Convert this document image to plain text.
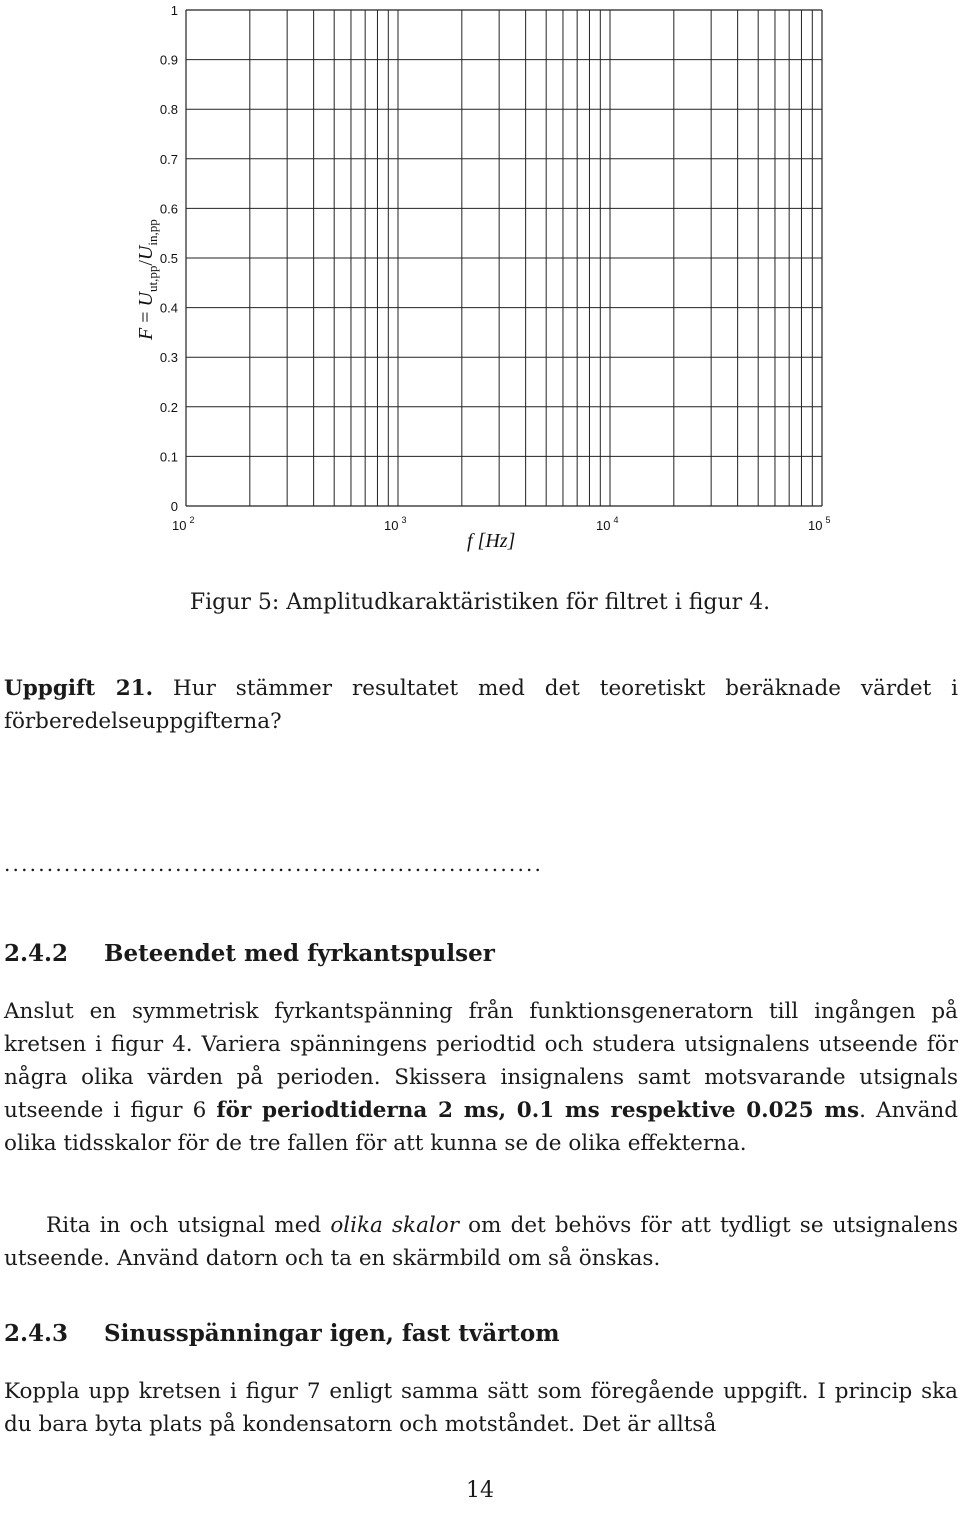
0
0.1
0.2
0.3
0.4
0.5
0.6
0.7
0.8
0.9
1
10 $^2$	10 $^3$	10 $^4$	10 $^5$
f [Hz]
$F = U_{ut,pp}/U_{in,pp}$
Figur 5: Amplitudkaraktäristiken för filtret i figur 4.
Uppgift 21. Hur stämmer resultatet med det teoretiskt beräknade värdet i förberedelseuppgifterna?
...............................................................
2.4.2 Beteendet med fyrkantspulser
Anslut en symmetrisk fyrkantspänning från funktionsgeneratorn till ingången på kretsen i figur 4. Variera spänningens periodtid och studera utsignalens utseende för några olika värden på perioden. Skissera insignalens samt motsvarande utsignals utseende i figur 6 för periodtiderna 2 ms, 0.1 ms respektive 0.025 ms. Använd olika tidsskalor för de tre fallen för att kunna se de olika effekterna.
Rita in och utsignal med olika skalor om det behövs för att tydligt se utsignalens utseende. Använd datorn och ta en skärmbild om så önskas.
2.4.3 Sinusspänningar igen, fast tvärtom
Koppla upp kretsen i figur 7 enligt samma sätt som föregående uppgift. I princip ska du bara byta plats på kondensatorn och motståndet. Det är alltså
14
